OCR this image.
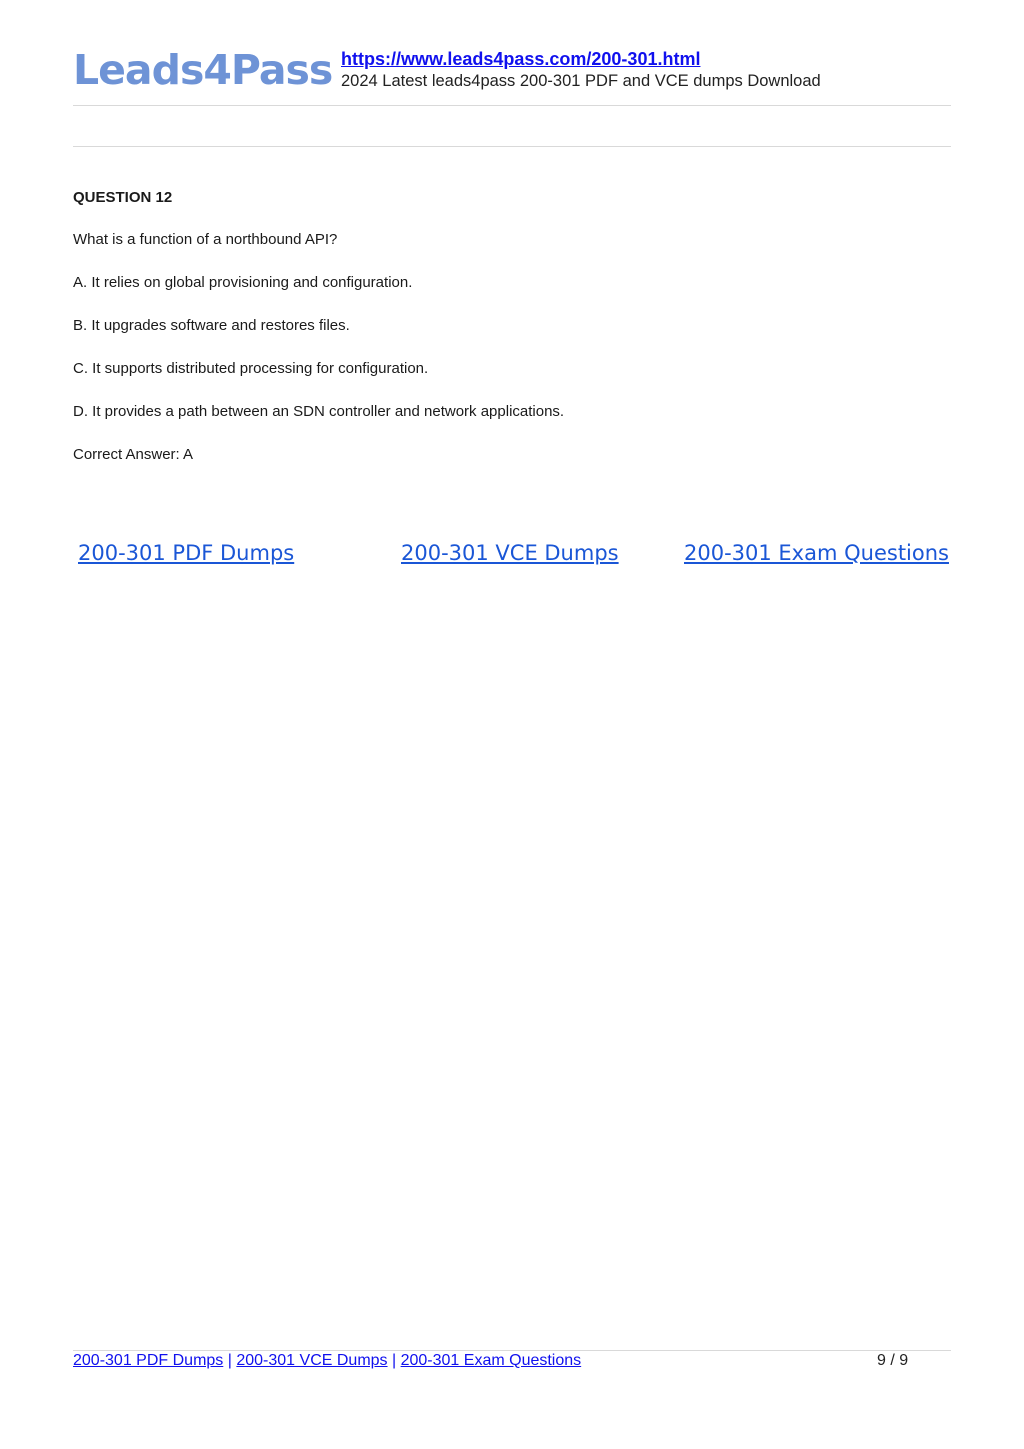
Leads4Pass https://www.leads4pass.com/200-301.html
2024 Latest leads4pass 200-301 PDF and VCE dumps Download
QUESTION 12
What is a function of a northbound API?
A. It relies on global provisioning and configuration.
B. It upgrades software and restores files.
C. It supports distributed processing for configuration.
D. It provides a path between an SDN controller and network applications.
Correct Answer: A
200-301 PDF Dumps	200-301 VCE Dumps	200-301 Exam Questions
200-301 PDF Dumps | 200-301 VCE Dumps | 200-301 Exam Questions	9 / 9
